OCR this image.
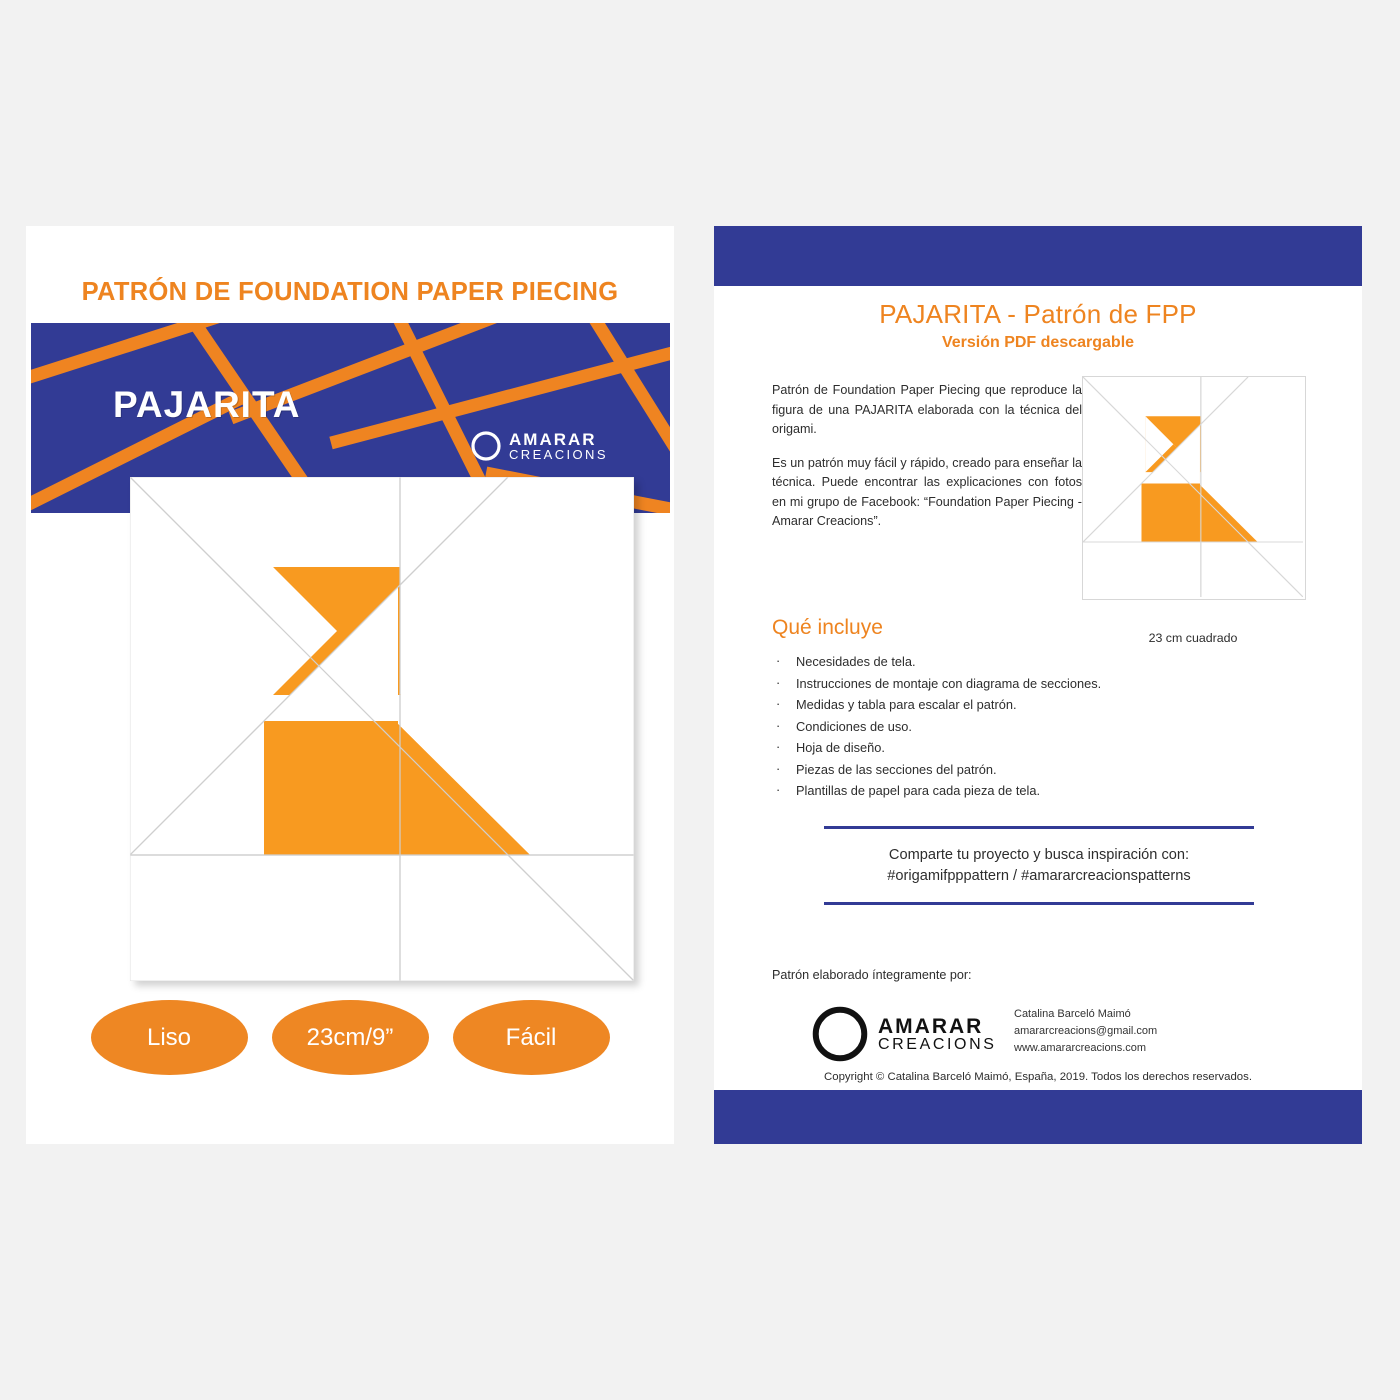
PATRÓN DE FOUNDATION PAPER PIECING
PAJARITA
AMARAR
CREACIONS
Liso	23cm/9”	Fácil
PAJARITA - Patrón de FPP
Versión PDF descargable

Patrón de Foundation Paper Piecing que reproduce la figura de una PAJARITA elaborada con la técnica del origami.

Es un patrón muy fácil y rápido, creado para enseñar la técnica. Puede encontrar las explicaciones con fotos en mi grupo de Facebook: “Foundation Paper Piecing - Amarar Creacions”.

23 cm cuadrado
Qué incluye
· Necesidades de tela.
· Instrucciones de montaje con diagrama de secciones.
· Medidas y tabla para escalar el patrón.
· Condiciones de uso.
· Hoja de diseño.
· Piezas de las secciones del patrón.
· Plantillas de papel para cada pieza de tela.
Comparte tu proyecto y busca inspiración con:
#origamifpppattern / #amararcreacionspatterns
Patrón elaborado íntegramente por:
AMARAR
CREACIONS
Catalina Barceló Maimó
amararcreacions@gmail.com
www.amararcreacions.com
Copyright © Catalina Barceló Maimó, España, 2019. Todos los derechos reservados.
